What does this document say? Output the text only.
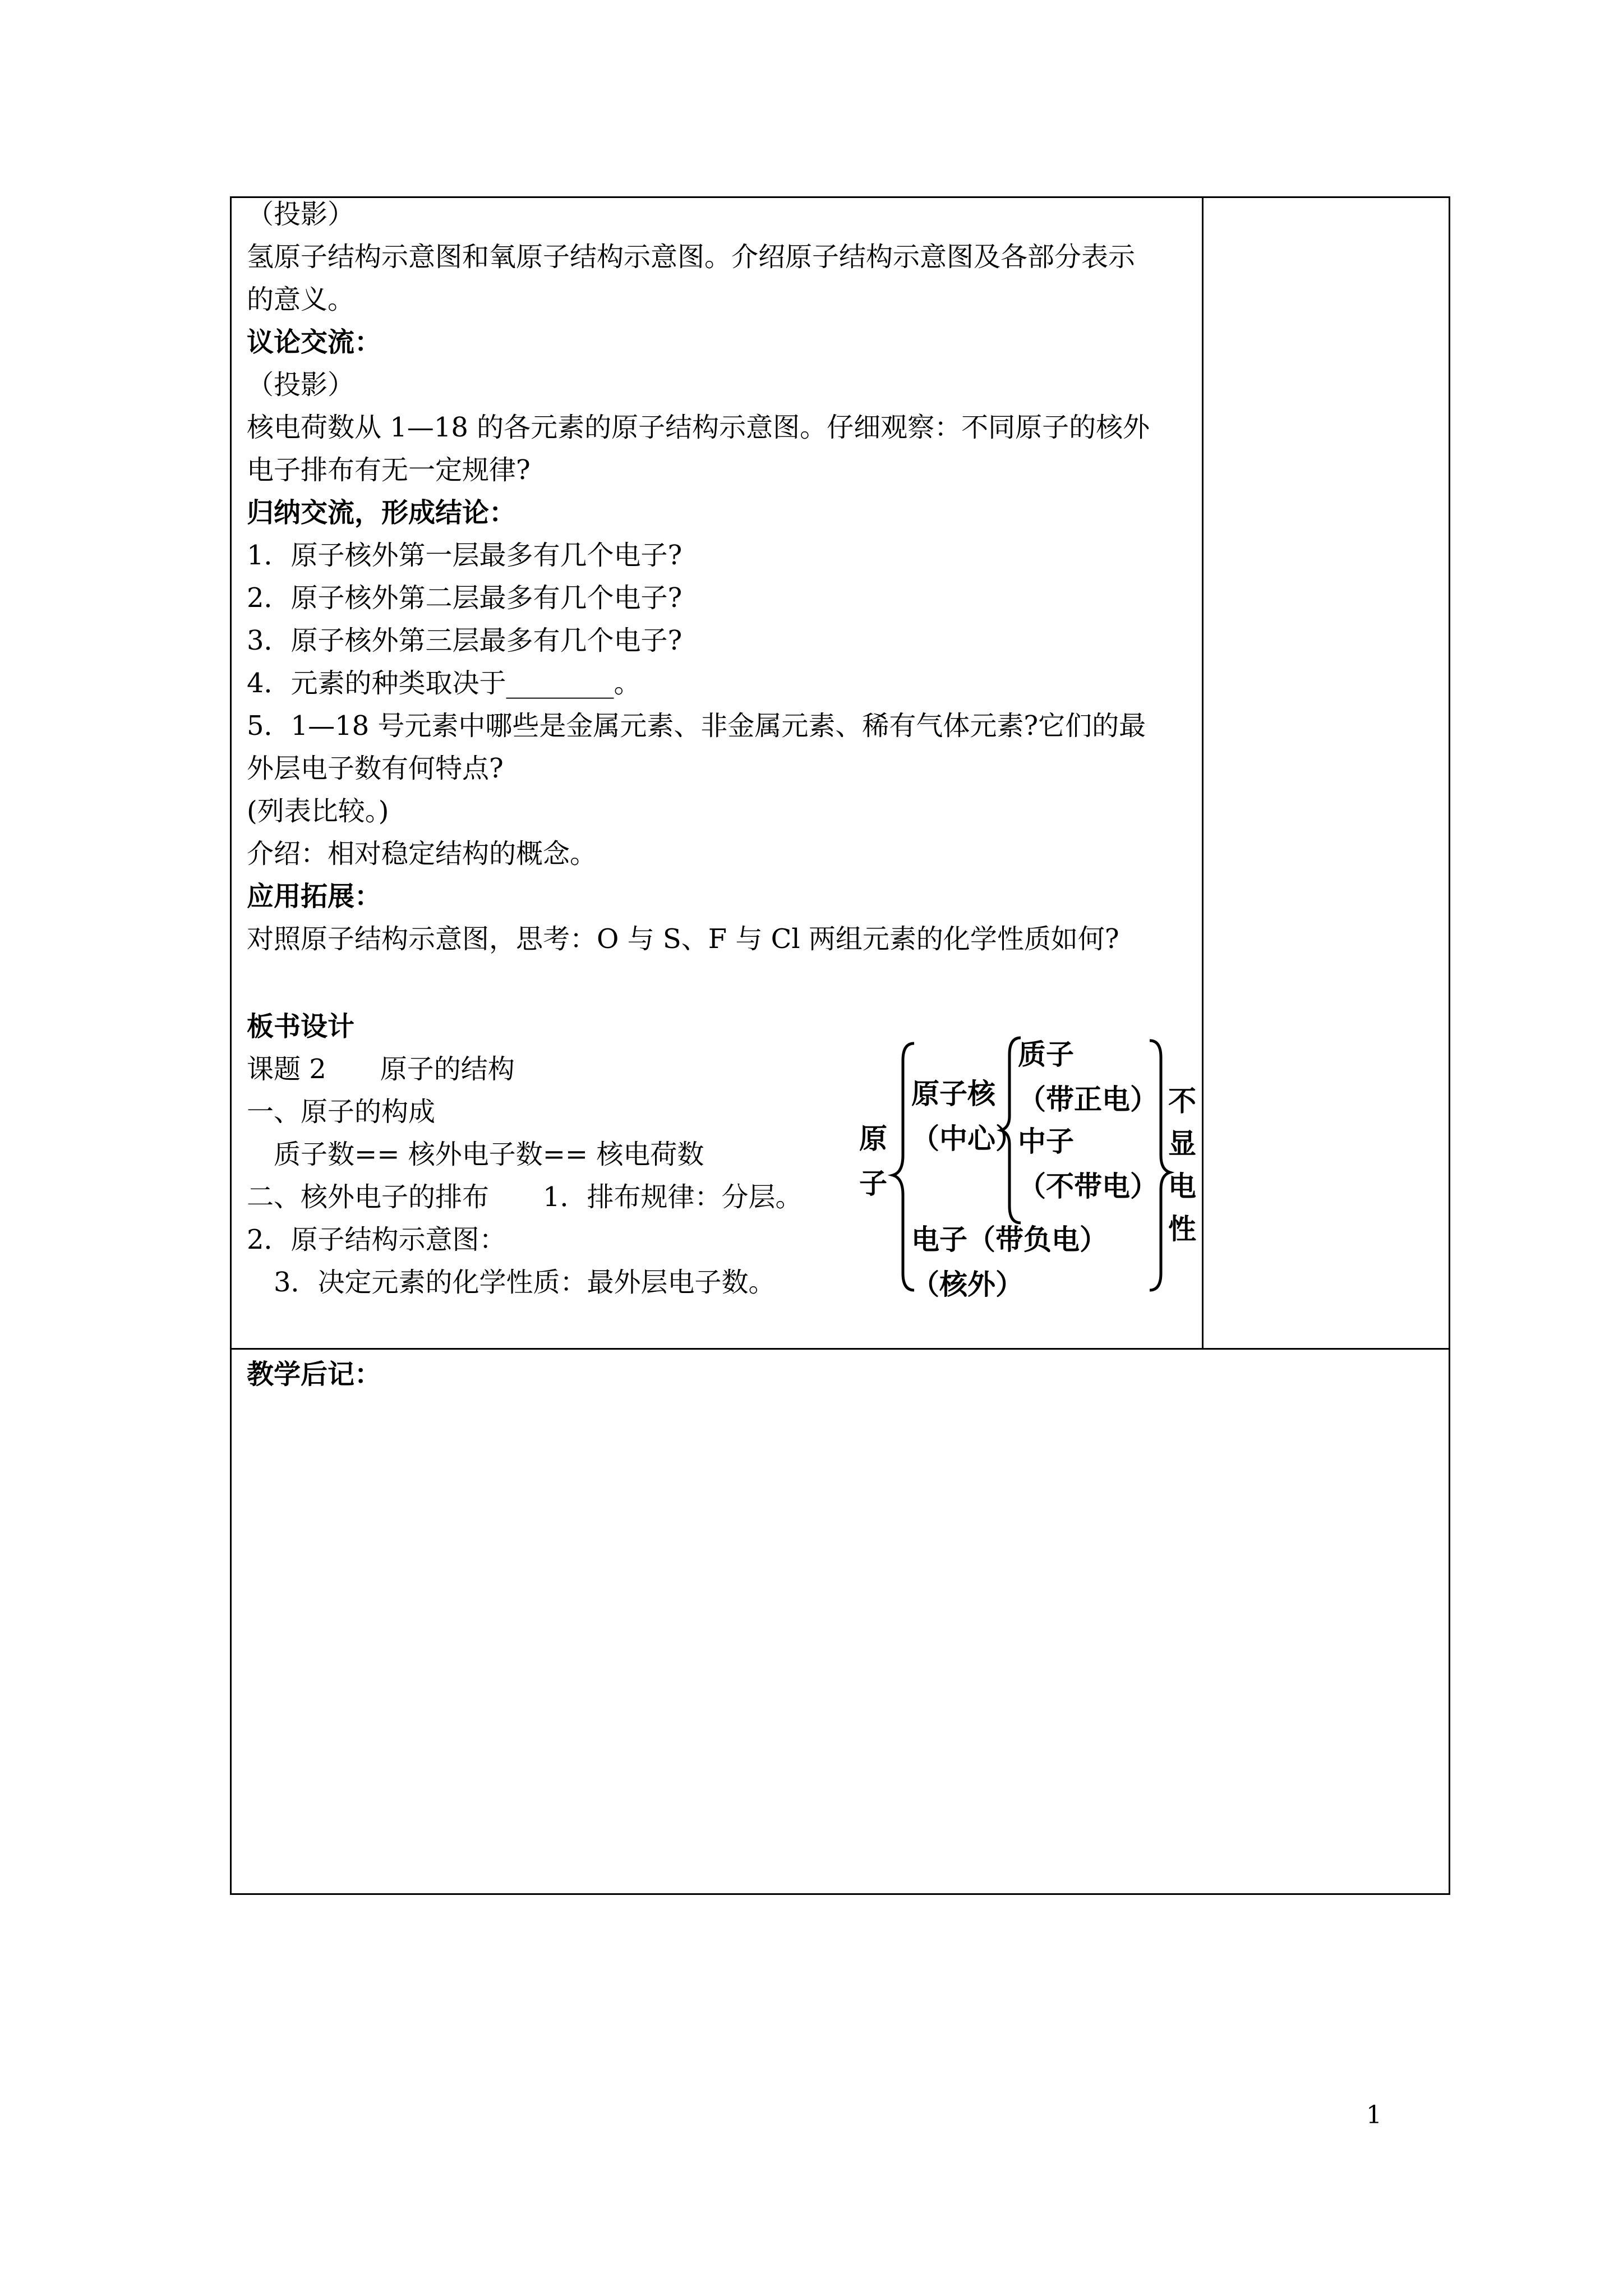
（投影）
氢原子结构示意图和氧原子结构示意图。介绍原子结构示意图及各部分表示
的意义。
议论交流：
（投影）
核电荷数从 1—18 的各元素的原子结构示意图。仔细观察：不同原子的核外
电子排布有无一定规律?
归纳交流，形成结论：
1．原子核外第一层最多有几个电子?
2．原子核外第二层最多有几个电子?
3．原子核外第三层最多有几个电子?
4．元素的种类取决于________。
5．1—18 号元素中哪些是金属元素、非金属元素、稀有气体元素?它们的最
外层电子数有何特点?
(列表比较。)
介绍：相对稳定结构的概念。
应用拓展：
对照原子结构示意图，思考：O 与 S、F 与 Cl 两组元素的化学性质如何?
板书设计
课题 2　　原子的结构
一、原子的构成
　质子数== 核外电子数== 核电荷数
二、核外电子的排布　　1．排布规律：分层。
2．原子结构示意图：
　3．决定元素的化学性质：最外层电子数。
原
子
原子核
（中心）
质子
（带正电）
中子
（不带电）
电子（带负电）
（核外）
不
显
电
性
教学后记：
1
